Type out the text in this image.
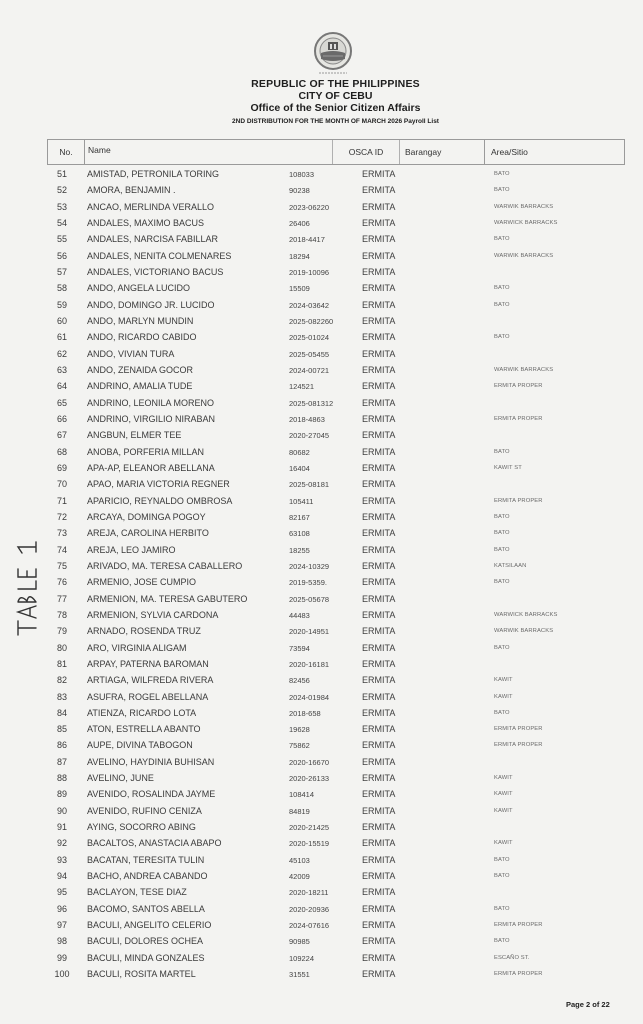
REPUBLIC OF THE PHILIPPINES
CITY OF CEBU
Office of the Senior Citizen Affairs
2ND DISTRIBUTION FOR THE MONTH OF MARCH 2026 Payroll List
No.	Name	OSCA ID	Barangay	Area/Sitio
51	AMISTAD, PETRONILA TORING	108033	ERMITA	BATO
52	AMORA, BENJAMIN .	90238	ERMITA	BATO
53	ANCAO, MERLINDA VERALLO	2023-06220	ERMITA	WARWIK BARRACKS
54	ANDALES, MAXIMO BACUS	26406	ERMITA	WARWICK BARRACKS
55	ANDALES, NARCISA FABILLAR	2018-4417	ERMITA	BATO
56	ANDALES, NENITA COLMENARES	18294	ERMITA	WARWIK BARRACKS
57	ANDALES, VICTORIANO BACUS	2019-10096	ERMITA
58	ANDO, ANGELA LUCIDO	15509	ERMITA	BATO
59	ANDO, DOMINGO JR. LUCIDO	2024-03642	ERMITA	BATO
60	ANDO, MARLYN MUNDIN	2025-082260	ERMITA
61	ANDO, RICARDO CABIDO	2025-01024	ERMITA	BATO
62	ANDO, VIVIAN TURA	2025-05455	ERMITA
63	ANDO, ZENAIDA GOCOR	2024-00721	ERMITA	WARWIK BARRACKS
64	ANDRINO, AMALIA TUDE	124521	ERMITA	ERMITA PROPER
65	ANDRINO, LEONILA MORENO	2025-081312	ERMITA
66	ANDRINO, VIRGILIO NIRABAN	2018-4863	ERMITA	ERMITA PROPER
67	ANGBUN, ELMER TEE	2020-27045	ERMITA
68	ANOBA, PORFERIA MILLAN	80682	ERMITA	BATO
69	APA-AP, ELEANOR ABELLANA	16404	ERMITA	KAWIT ST
70	APAO, MARIA VICTORIA REGNER	2025-08181	ERMITA
71	APARICIO, REYNALDO OMBROSA	105411	ERMITA	ERMITA PROPER
72	ARCAYA, DOMINGA POGOY	82167	ERMITA	BATO
73	AREJA, CAROLINA HERBITO	63108	ERMITA	BATO
74	AREJA, LEO JAMIRO	18255	ERMITA	BATO
75	ARIVADO, MA. TERESA CABALLERO	2024-10329	ERMITA	KATSILAAN
76	ARMENIO, JOSE CUMPIO	2019-5359.	ERMITA	BATO
77	ARMENION, MA. TERESA GABUTERO	2025-05678	ERMITA
78	ARMENION, SYLVIA CARDONA	44483	ERMITA	WARWICK BARRACKS
79	ARNADO, ROSENDA TRUZ	2020-14951	ERMITA	WARWIK BARRACKS
80	ARO, VIRGINIA ALIGAM	73594	ERMITA	BATO
81	ARPAY, PATERNA BAROMAN	2020-16181	ERMITA
82	ARTIAGA, WILFREDA RIVERA	82456	ERMITA	KAWIT
83	ASUFRA, ROGEL ABELLANA	2024-01984	ERMITA	KAWIT
84	ATIENZA, RICARDO LOTA	2018-658	ERMITA	BATO
85	ATON, ESTRELLA ABANTO	19628	ERMITA	ERMITA PROPER
86	AUPE, DIVINA TABOGON	75862	ERMITA	ERMITA PROPER
87	AVELINO, HAYDINIA BUHISAN	2020-16670	ERMITA
88	AVELINO, JUNE	2020-26133	ERMITA	KAWIT
89	AVENIDO, ROSALINDA JAYME	108414	ERMITA	KAWIT
90	AVENIDO, RUFINO CENIZA	84819	ERMITA	KAWIT
91	AYING, SOCORRO ABING	2020-21425	ERMITA
92	BACALTOS, ANASTACIA ABAPO	2020-15519	ERMITA	KAWIT
93	BACATAN, TERESITA TULIN	45103	ERMITA	BATO
94	BACHO, ANDREA CABANDO	42009	ERMITA	BATO
95	BACLAYON, TESE DIAZ	2020-18211	ERMITA
96	BACOMO, SANTOS ABELLA	2020-20936	ERMITA	BATO
97	BACULI, ANGELITO CELERIO	2024-07616	ERMITA	ERMITA PROPER
98	BACULI, DOLORES OCHEA	90985	ERMITA	BATO
99	BACULI, MINDA GONZALES	109224	ERMITA	ESCAÑO ST.
100	BACULI, ROSITA MARTEL	31551	ERMITA	ERMITA PROPER
TABLE 1
Page 2 of 22
